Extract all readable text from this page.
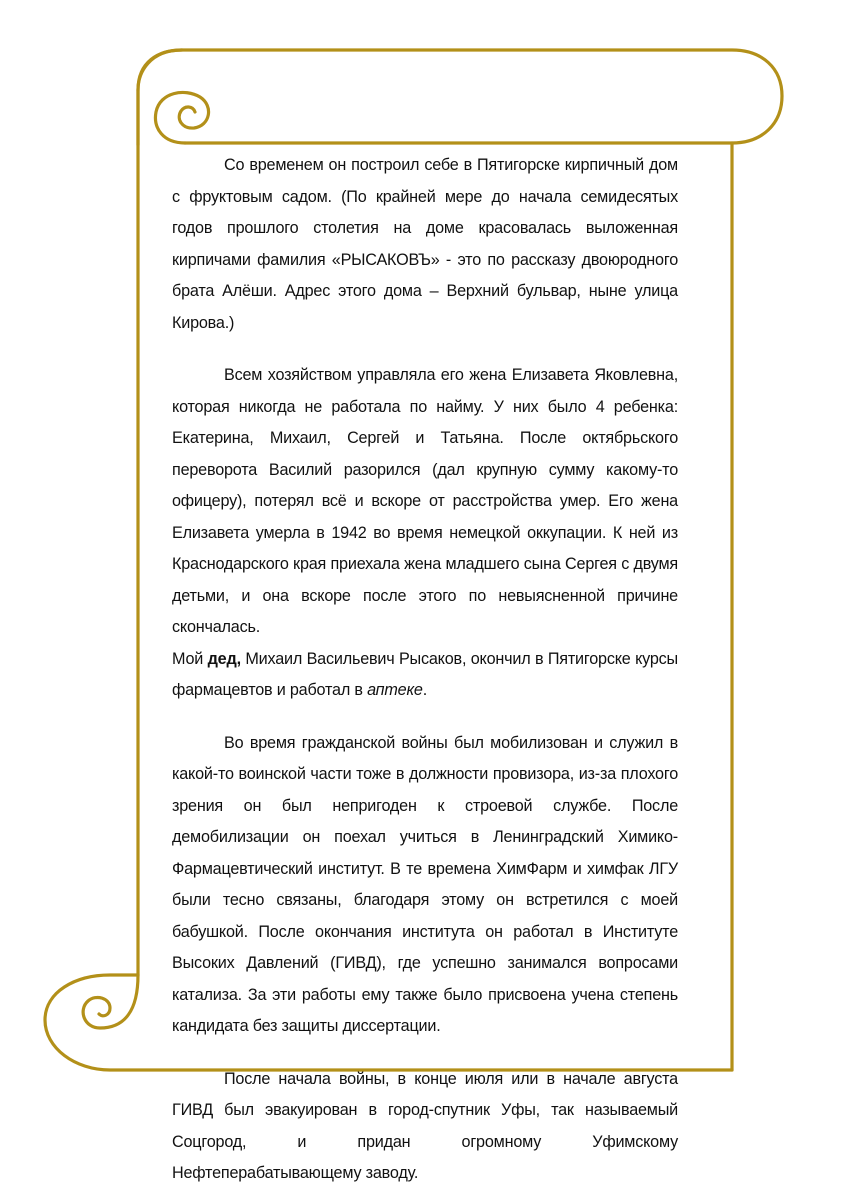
Со временем он построил себе в Пятигорске кирпичный дом с фруктовым садом. (По крайней мере до начала семидесятых годов прошлого столетия на доме красовалась выложенная кирпичами фамилия «РЫСАКОВЪ» - это по рассказу двоюродного брата Алёши. Адрес этого дома – Верхний бульвар, ныне улица Кирова.)

Всем хозяйством управляла его жена Елизавета Яковлевна, которая никогда не работала по найму. У них было 4 ребенка: Екатерина, Михаил, Сергей и Татьяна. После октябрьского переворота Василий разорился (дал крупную сумму какому-то офицеру), потерял всё и вскоре от расстройства умер. Его жена Елизавета умерла в 1942 во время немецкой оккупации. К ней из Краснодарского края приехала жена младшего сына Сергея с двумя детьми, и она вскоре после этого по невыясненной причине скончалась.

Мой дед, Михаил Васильевич Рысаков, окончил в Пятигорске курсы фармацевтов и работал в аптеке.

Во время гражданской войны был мобилизован и служил в какой-то воинской части тоже в должности провизора, из-за плохого зрения он был непригоден к строевой службе. После демобилизации он поехал учиться в Ленинградский Химико-Фармацевтический институт. В те времена ХимФарм и химфак ЛГУ были тесно связаны, благодаря этому он встретился с моей бабушкой. После окончания института он работал в Институте Высоких Давлений (ГИВД), где успешно занимался вопросами катализа. За эти работы ему также было присвоена учена степень кандидата без защиты диссертации.

После начала войны, в конце июля или в начале августа ГИВД был эвакуирован в город-спутник Уфы, так называемый Соцгород, и придан огромному Уфимскому Нефтеперабатывающему заводу.
